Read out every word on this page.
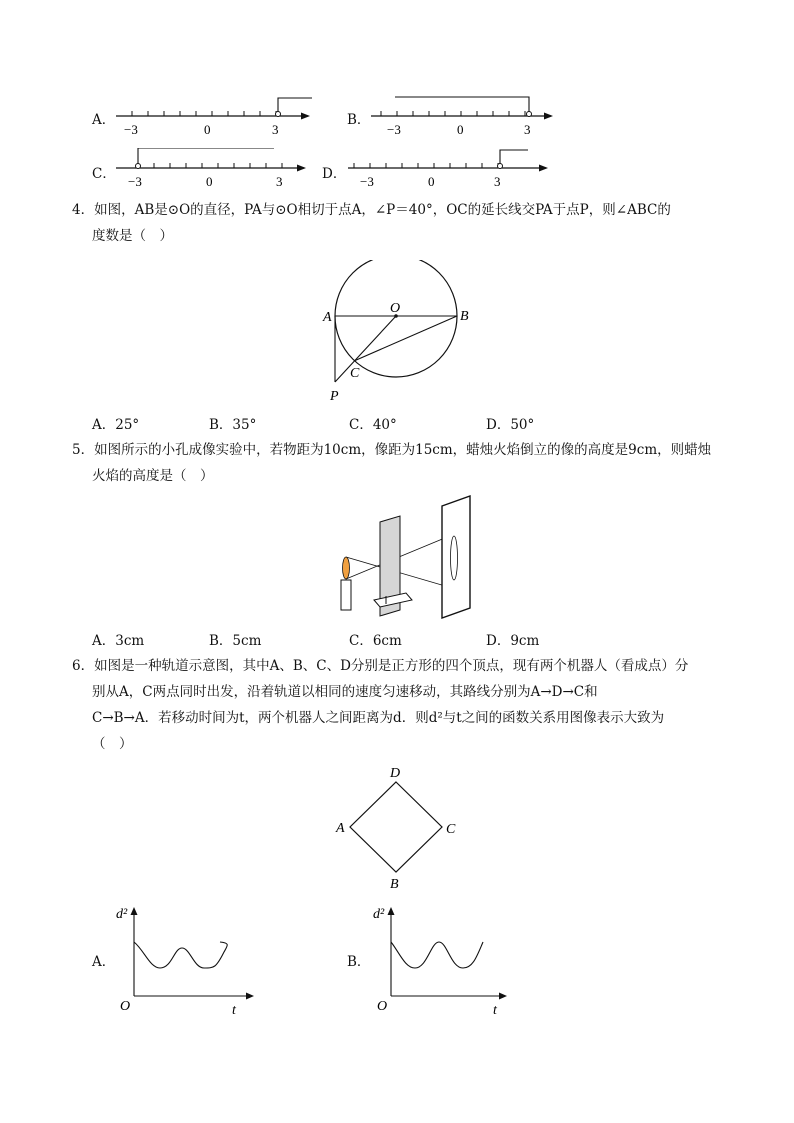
A．
−3	0	3
B．
−3	0	3
C． −3	0	3	D． −3	0	3
4．如图，AB是⊙O的直径，PA与⊙O相切于点A，∠P＝40°，OC的延长线交PA于点P，则∠ABC的
度数是（　）
O
A	B
C
P
A．25°	B．35°	C．40°	D．50°
5．如图所示的小孔成像实验中，若物距为10cm，像距为15cm，蜡烛火焰倒立的像的高度是9cm，则蜡烛
火焰的高度是（　）
A．3cm	B．5cm	C．6cm	D．9cm
6．如图是一种轨道示意图，其中A、B、C、D分别是正方形的四个顶点，现有两个机器人（看成点）分
别从A，C两点同时出发，沿着轨道以相同的速度匀速移动，其路线分别为A→D→C和
C→B→A．若移动时间为t，两个机器人之间距离为d．则d²与t之间的函数关系用图像表示大致为
（　）
D
A	C
B
A．
d²
t
O
B．
d²
t
O
